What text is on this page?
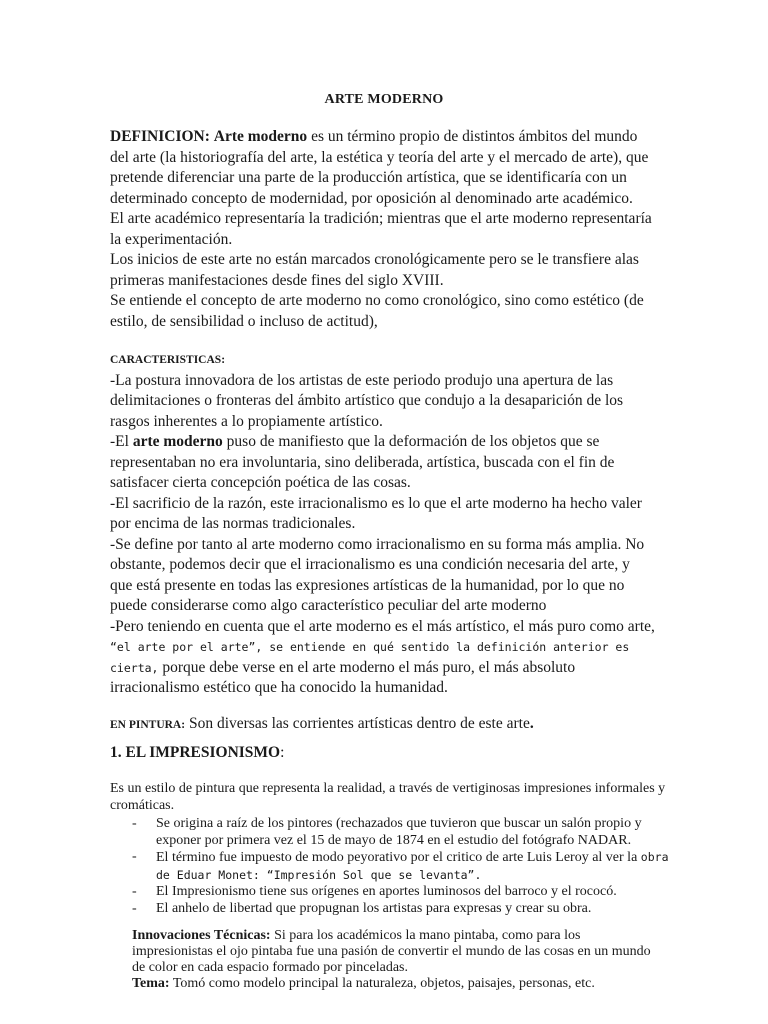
ARTE MODERNO

DEFINICION: Arte moderno es un término propio de distintos ámbitos del mundo del arte (la historiografía del arte, la estética y teoría del arte y el mercado de arte), que pretende diferenciar una parte de la producción artística, que se identificaría con un determinado concepto de modernidad, por oposición al denominado arte académico.

El arte académico representaría la tradición; mientras que el arte moderno representaría la experimentación.

Los inicios de este arte no están marcados cronológicamente pero se le transfiere alas primeras manifestaciones desde fines del siglo XVIII.

Se entiende el concepto de arte moderno no como cronológico, sino como estético (de estilo, de sensibilidad o incluso de actitud),

CARACTERISTICAS:

-La postura innovadora de los artistas de este periodo produjo una apertura de las delimitaciones o fronteras del ámbito artístico que condujo a la desaparición de los rasgos inherentes a lo propiamente artístico.

-El arte moderno puso de manifiesto que la deformación de los objetos que se representaban no era involuntaria, sino deliberada, artística, buscada con el fin de satisfacer cierta concepción poética de las cosas.

-El sacrificio de la razón, este irracionalismo es lo que el arte moderno ha hecho valer por encima de las normas tradicionales.

-Se define por tanto al arte moderno como irracionalismo en su forma más amplia. No obstante, podemos decir que el irracionalismo es una condición necesaria del arte, y que está presente en todas las expresiones artísticas de la humanidad, por lo que no puede considerarse como algo característico peculiar del arte moderno

-Pero teniendo en cuenta que el arte moderno es el más artístico, el más puro como arte, “el arte por el arte”, se entiende en qué sentido la definición anterior es cierta, porque debe verse en el arte moderno el más puro, el más absoluto irracionalismo estético que ha conocido la humanidad.

EN PINTURA: Son diversas las corrientes artísticas dentro de este arte.

1. EL IMPRESIONISMO:

Es un estilo de pintura que representa la realidad, a través de vertiginosas impresiones informales y cromáticas.

- Se origina a raíz de los pintores (rechazados que tuvieron que buscar un salón propio y exponer por primera vez el 15 de mayo de 1874 en el estudio del fotógrafo NADAR.
- El término fue impuesto de modo peyorativo por el critico de arte Luis Leroy al ver la obra de Eduar Monet: “Impresión Sol que se levanta”.
- El Impresionismo tiene sus orígenes en aportes luminosos del barroco y el rococó.
- El anhelo de libertad que propugnan los artistas para expresas y crear su obra.

Innovaciones Técnicas: Si para los académicos la mano pintaba, como para los impresionistas el ojo pintaba fue una pasión de convertir el mundo de las cosas en un mundo de color en cada espacio formado por pinceladas.

Tema: Tomó como modelo principal la naturaleza, objetos, paisajes, personas, etc.
